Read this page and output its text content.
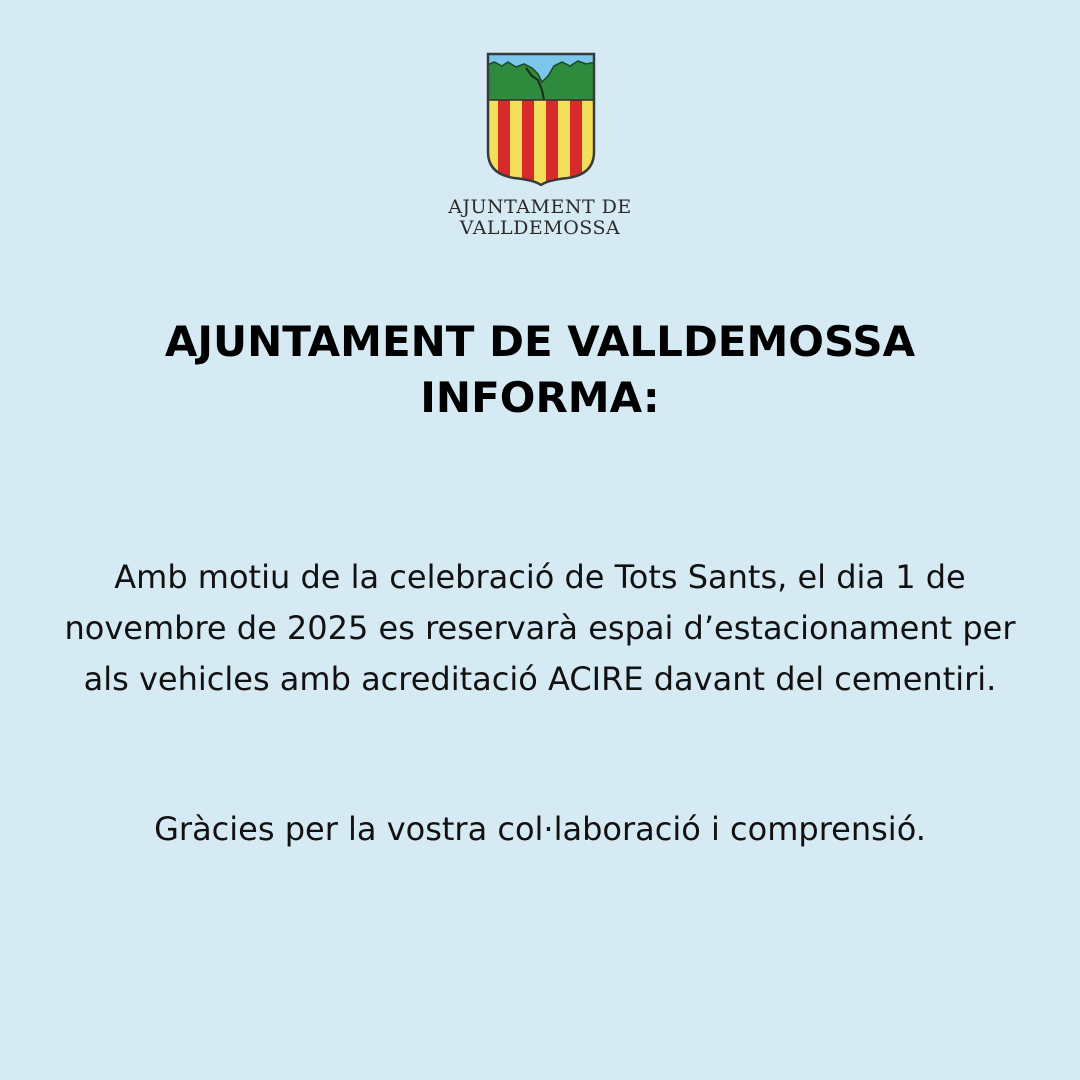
AJUNTAMENT DE
VALLDEMOSSA
AJUNTAMENT DE VALLDEMOSSA
INFORMA:

Amb motiu de la celebració de Tots Sants, el dia 1 de novembre de 2025 es reservarà espai d’estacionament per als vehicles amb acreditació ACIRE davant del cementiri.

Gràcies per la vostra col·laboració i comprensió.
